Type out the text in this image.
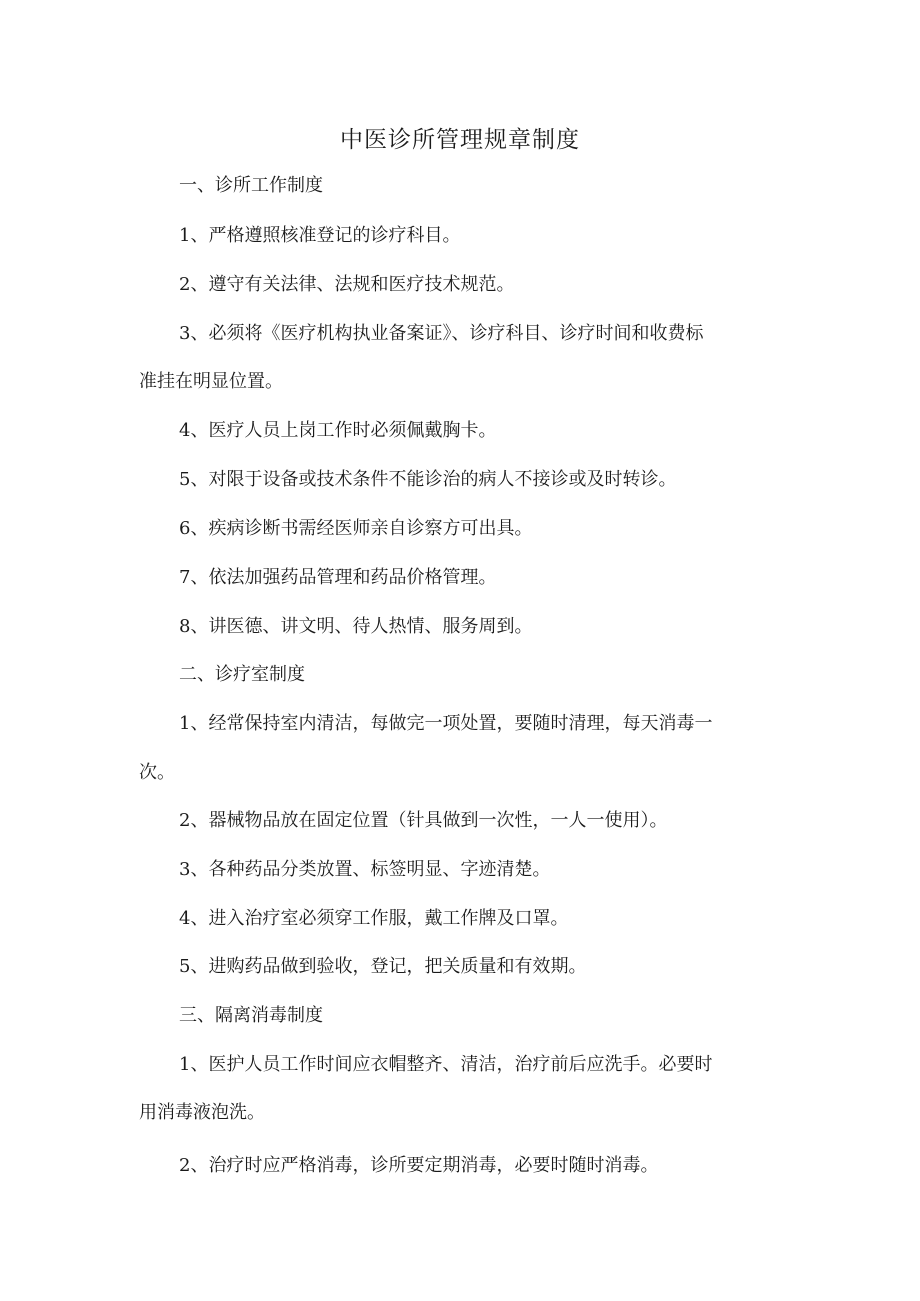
中医诊所管理规章制度
一、诊所工作制度
1、严格遵照核准登记的诊疗科目。
2、遵守有关法律、法规和医疗技术规范。
3、必须将《医疗机构执业备案证》、诊疗科目、诊疗时间和收费标
准挂在明显位置。
4、医疗人员上岗工作时必须佩戴胸卡。
5、对限于设备或技术条件不能诊治的病人不接诊或及时转诊。
6、疾病诊断书需经医师亲自诊察方可出具。
7、依法加强药品管理和药品价格管理。
8、讲医德、讲文明、待人热情、服务周到。
二、诊疗室制度
1、经常保持室内清洁，每做完一项处置，要随时清理，每天消毒一
次。
2、器械物品放在固定位置（针具做到一次性，一人一使用）。
3、各种药品分类放置、标签明显、字迹清楚。
4、进入治疗室必须穿工作服，戴工作牌及口罩。
5、进购药品做到验收，登记，把关质量和有效期。
三、隔离消毒制度
1、医护人员工作时间应衣帽整齐、清洁，治疗前后应洗手。必要时
用消毒液泡洗。
2、治疗时应严格消毒，诊所要定期消毒，必要时随时消毒。
